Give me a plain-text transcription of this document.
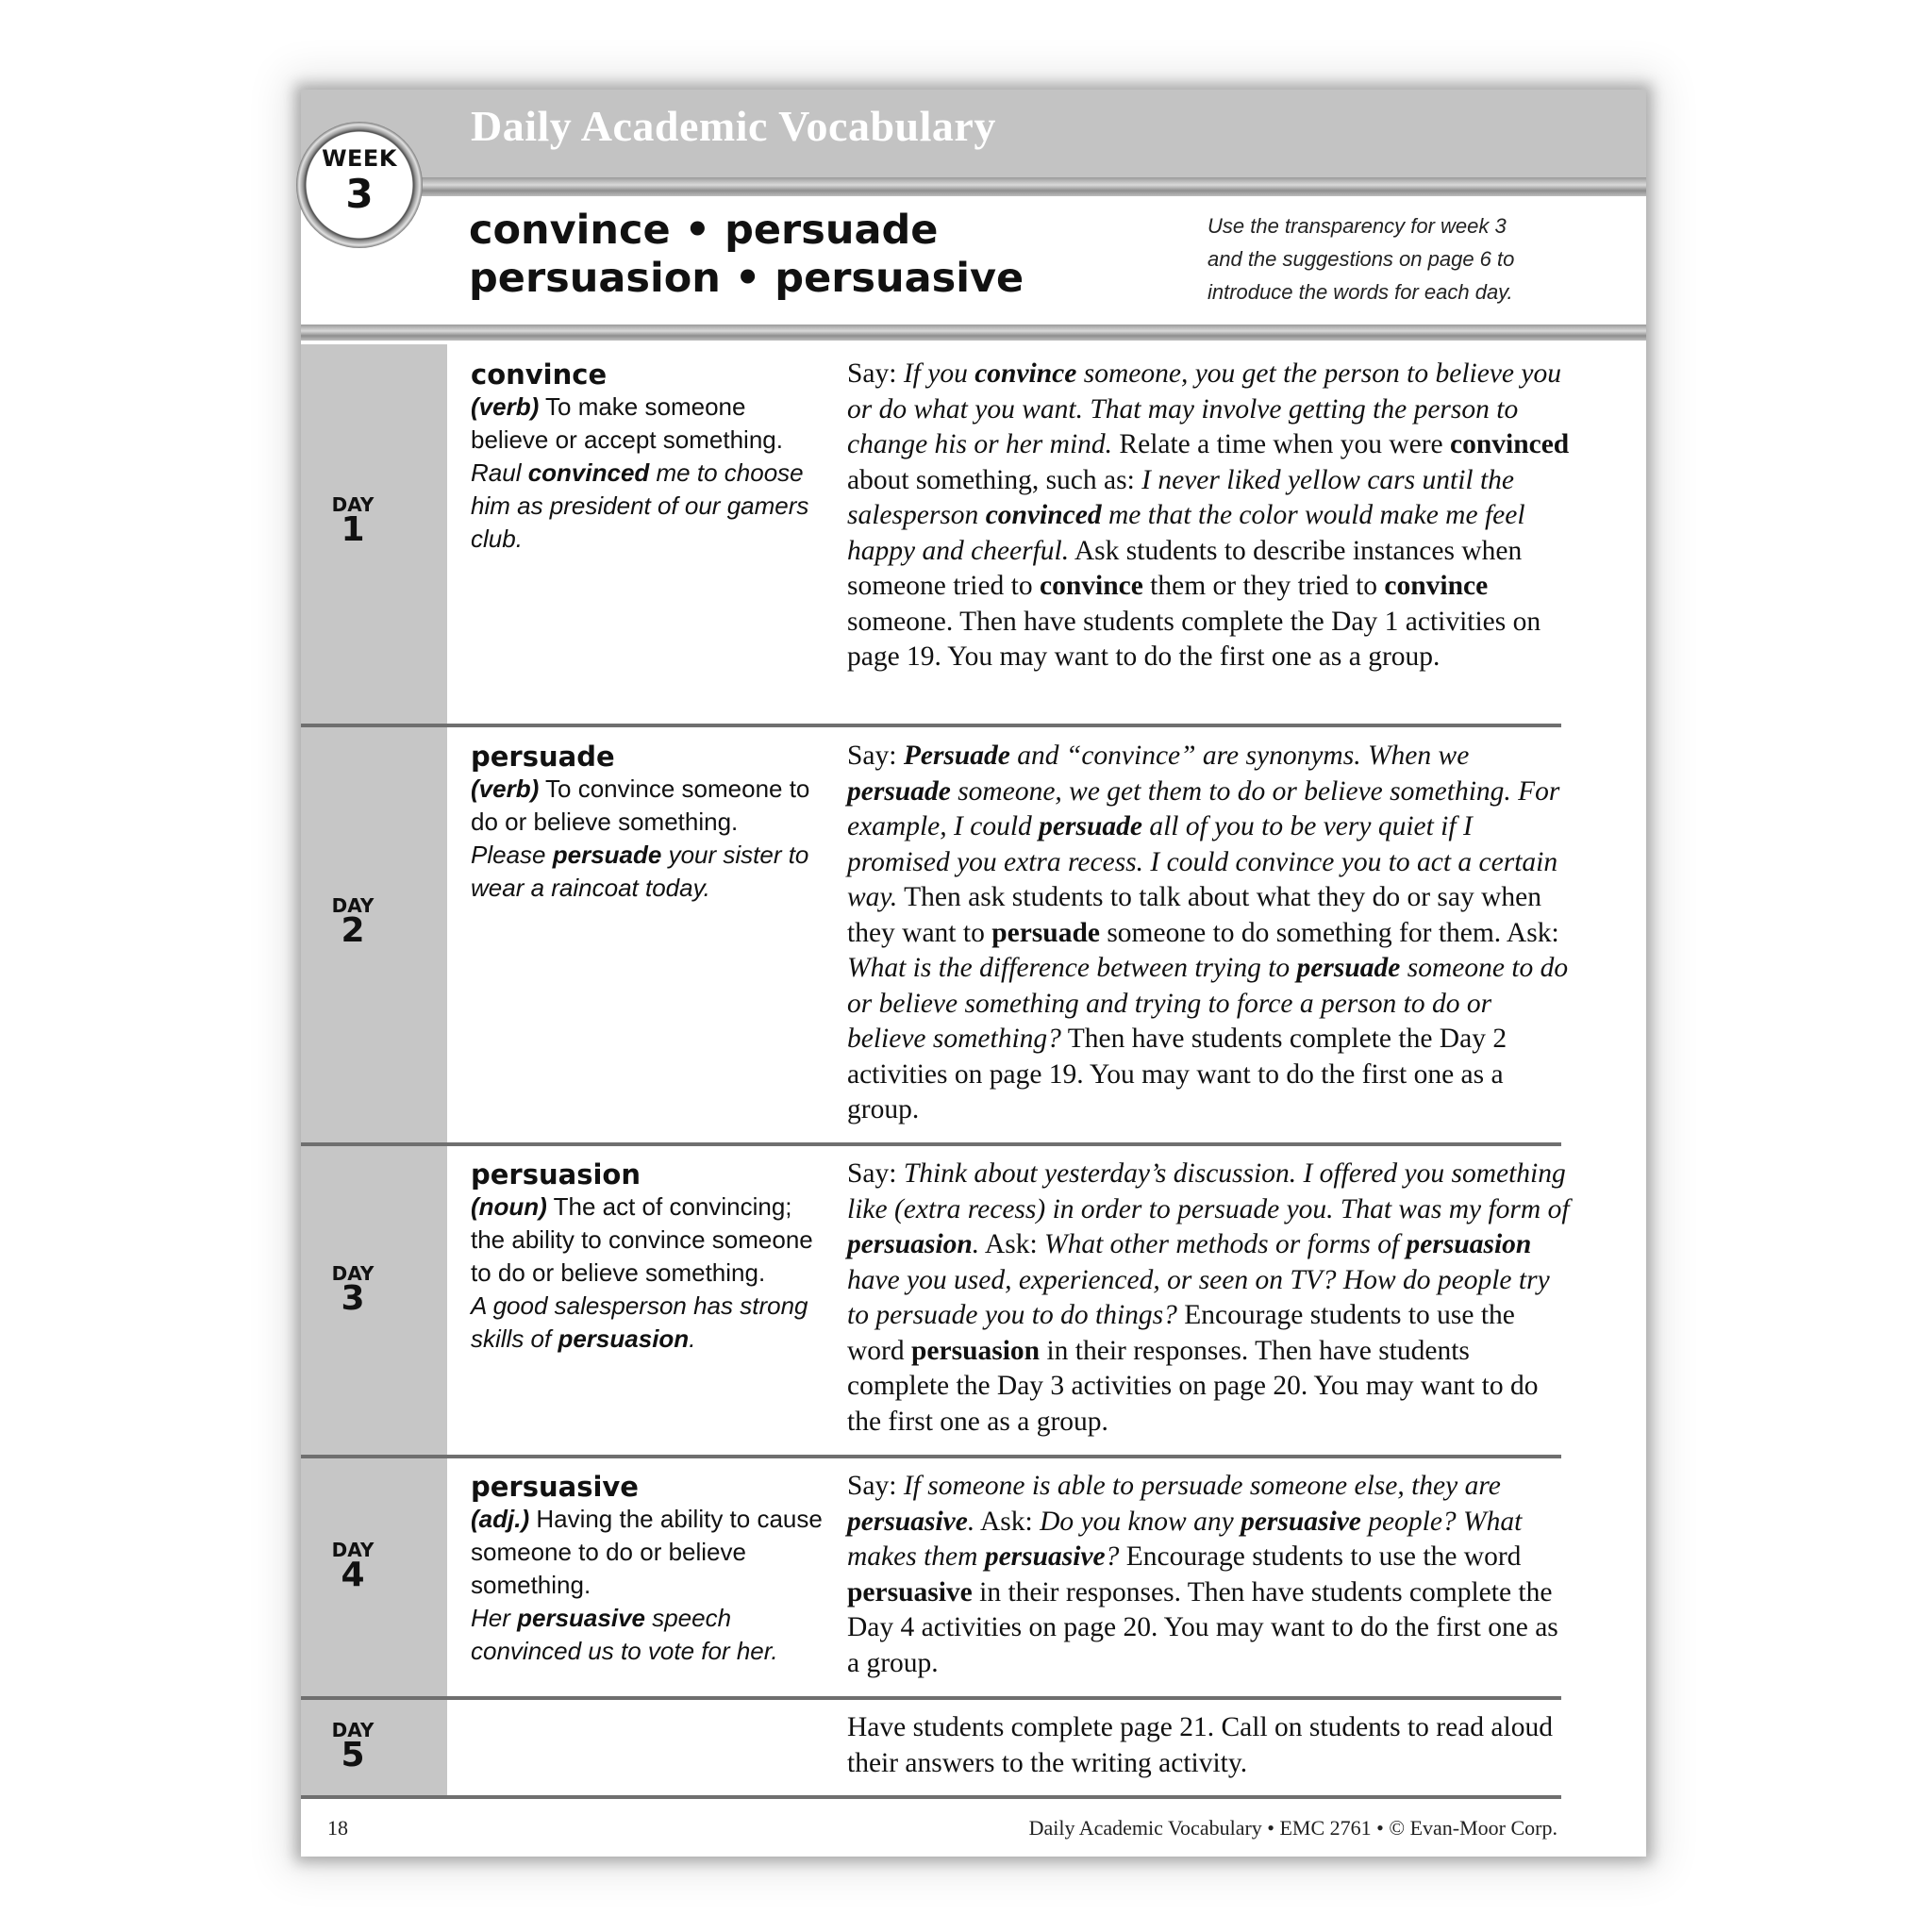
Daily Academic Vocabulary
WEEK
3
convince • persuade
persuasion • persuasive
Use the transparency for week 3
and the suggestions on page 6 to
introduce the words for each day.
DAY
1
convince
(verb) To make someone believe or accept something.
Raul convinced me to choose him as president of our gamers club.
Say: If you convince someone, you get the person to believe you or do what you want. That may involve getting the person to change his or her mind. Relate a time when you were convinced about something, such as: I never liked yellow cars until the salesperson convinced me that the color would make me feel happy and cheerful. Ask students to describe instances when someone tried to convince them or they tried to convince someone. Then have students complete the Day 1 activities on page 19. You may want to do the first one as a group.
DAY
2
persuade
(verb) To convince someone to do or believe something.
Please persuade your sister to wear a raincoat today.
Say: Persuade and “convince” are synonyms. When we persuade someone, we get them to do or believe something. For example, I could persuade all of you to be very quiet if I promised you extra recess. I could convince you to act a certain way. Then ask students to talk about what they do or say when they want to persuade someone to do something for them. Ask: What is the difference between trying to persuade someone to do or believe something and trying to force a person to do or believe something? Then have students complete the Day 2 activities on page 19. You may want to do the first one as a group.
DAY
3
persuasion
(noun) The act of convincing; the ability to convince someone to do or believe something.
A good salesperson has strong skills of persuasion.
Say: Think about yesterday’s discussion. I offered you something like (extra recess) in order to persuade you. That was my form of persuasion. Ask: What other methods or forms of persuasion have you used, experienced, or seen on TV? How do people try to persuade you to do things? Encourage students to use the word persuasion in their responses. Then have students complete the Day 3 activities on page 20. You may want to do the first one as a group.
DAY
4
persuasive
(adj.) Having the ability to cause someone to do or believe something.
Her persuasive speech convinced us to vote for her.
Say: If someone is able to persuade someone else, they are persuasive. Ask: Do you know any persuasive people? What makes them persuasive? Encourage students to use the word persuasive in their responses. Then have students complete the Day 4 activities on page 20. You may want to do the first one as a group.
DAY
5
Have students complete page 21. Call on students to read aloud their answers to the writing activity.
18	Daily Academic Vocabulary • EMC 2761 • © Evan-Moor Corp.
